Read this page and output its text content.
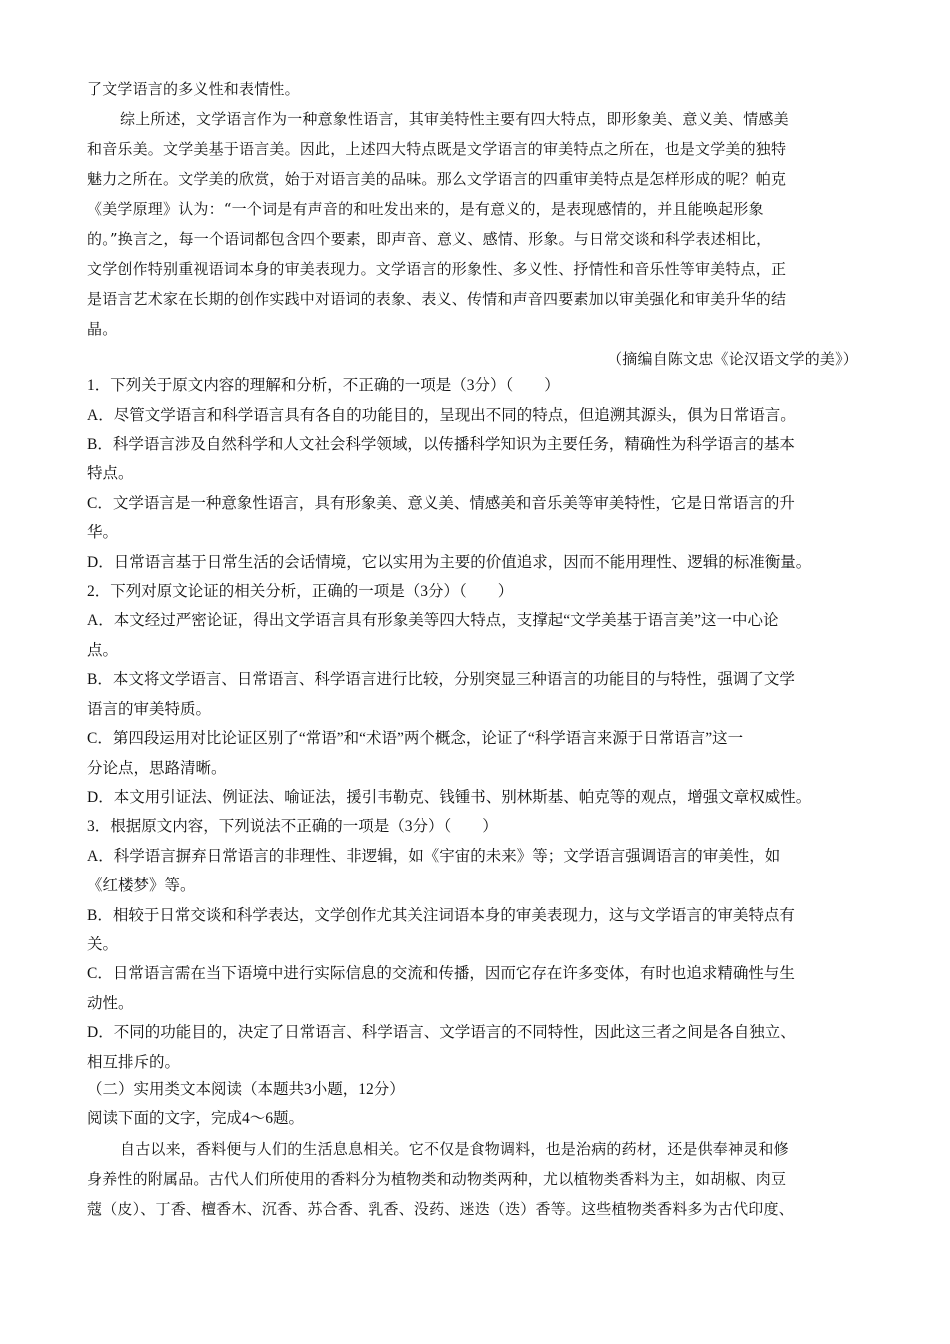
了文学语言的多义性和表情性。
综上所述，文学语言作为一种意象性语言，其审美特性主要有四大特点，即形象美、意义美、情感美
和音乐美。文学美基于语言美。因此，上述四大特点既是文学语言的审美特点之所在，也是文学美的独特
魅力之所在。文学美的欣赏，始于对语言美的品味。那么文学语言的四重审美特点是怎样形成的呢？帕克
《美学原理》认为：“一个词是有声音的和吐发出来的，是有意义的，是表现感情的，并且能唤起形象
的。”换言之，每一个语词都包含四个要素，即声音、意义、感情、形象。与日常交谈和科学表述相比，
文学创作特别重视语词本身的审美表现力。文学语言的形象性、多义性、抒情性和音乐性等审美特点，正
是语言艺术家在长期的创作实践中对语词的表象、表义、传情和声音四要素加以审美强化和审美升华的结
晶。
（摘编自陈文忠《论汉语文学的美》）
1．下列关于原文内容的理解和分析，不正确的一项是（3分）（　　）
A．尽管文学语言和科学语言具有各自的功能目的，呈现出不同的特点，但追溯其源头，俱为日常语言。
B．科学语言涉及自然科学和人文社会科学领域，以传播科学知识为主要任务，精确性为科学语言的基本
特点。
C．文学语言是一种意象性语言，具有形象美、意义美、情感美和音乐美等审美特性，它是日常语言的升
华。
D．日常语言基于日常生活的会话情境，它以实用为主要的价值追求，因而不能用理性、逻辑的标准衡量。
2．下列对原文论证的相关分析，正确的一项是（3分）（　　）
A．本文经过严密论证，得出文学语言具有形象美等四大特点，支撑起“文学美基于语言美”这一中心论
点。
B．本文将文学语言、日常语言、科学语言进行比较，分别突显三种语言的功能目的与特性，强调了文学
语言的审美特质。
C．第四段运用对比论证区别了“常语”和“术语”两个概念，论证了“科学语言来源于日常语言”这一
分论点，思路清晰。
D．本文用引证法、例证法、喻证法，援引韦勒克、钱锺书、别林斯基、帕克等的观点，增强文章权威性。
3．根据原文内容，下列说法不正确的一项是（3分）（　　）
A．科学语言摒弃日常语言的非理性、非逻辑，如《宇宙的未来》等；文学语言强调语言的审美性，如
《红楼梦》等。
B．相较于日常交谈和科学表达，文学创作尤其关注词语本身的审美表现力，这与文学语言的审美特点有
关。
C．日常语言需在当下语境中进行实际信息的交流和传播，因而它存在许多变体，有时也追求精确性与生
动性。
D．不同的功能目的，决定了日常语言、科学语言、文学语言的不同特性，因此这三者之间是各自独立、
相互排斥的。
（二）实用类文本阅读（本题共3小题，12分）
阅读下面的文字，完成4～6题。
自古以来，香料便与人们的生活息息相关。它不仅是食物调料，也是治病的药材，还是供奉神灵和修
身养性的附属品。古代人们所使用的香料分为植物类和动物类两种，尤以植物类香料为主，如胡椒、肉豆
蔻（皮）、丁香、檀香木、沉香、苏合香、乳香、没药、迷迭（迭）香等。这些植物类香料多为古代印度、
